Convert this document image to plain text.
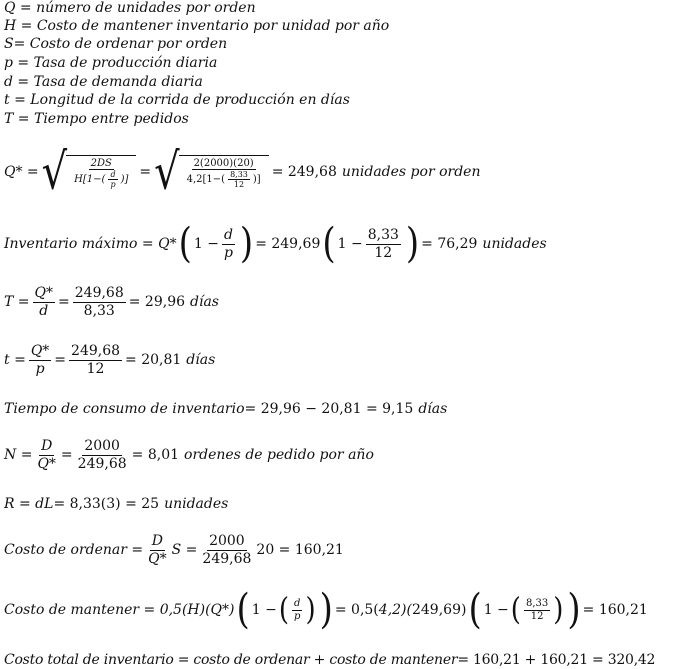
Q = número de unidades por orden
H = Costo de mantener inventario por unidad por año
S= Costo de ordenar por orden
p = Tasa de producción diaria
d = Tasa de demanda diaria
t = Longitud de la corrida de producción en días
T = Tiempo entre pedidos
Q* = √ $\frac{2DS}{H[1-( \frac{d}{p} )]}$ = √ $\frac{2(2000)(20)}{4,2[1-( \frac{8,33}{12} )]} = 249,68$ unidades por orden
Inventario máximo = Q* ( $1 - \frac{d}{p}$ ) = 249,69 ( $1 - \frac{8,33}{12}$ ) = 76,29 unidades
$T = \frac{Q*}{d} = \frac{249,68}{8,33} = 29,96$ días
$t = \frac{Q*}{p} = \frac{249,68}{12} = 20,81$ días
Tiempo de consumo de inventario = 29,96 − 20,81 = 9,15 días
$N = \frac{D}{Q*} = \frac{2000}{249,68} = 8,01$ ordenes de pedido por año
R = dL = 8,33(3) = 25 unidades
Costo de ordenar = $\frac{D}{Q*}$ $S = \frac{2000}{249,68} 20 = 160,21$
Costo de mantener = 0,5(H)(Q*) ( 1 − ( $\frac{d}{p}$ ) ) = 0,5( 4,2)( 249,69) ( 1 − ( $\frac{8,33}{12}$ ) ) = 160,21
Costo total de inventario = costo de ordenar + costo de mantener = 160,21 + 160,21 = 320,42
